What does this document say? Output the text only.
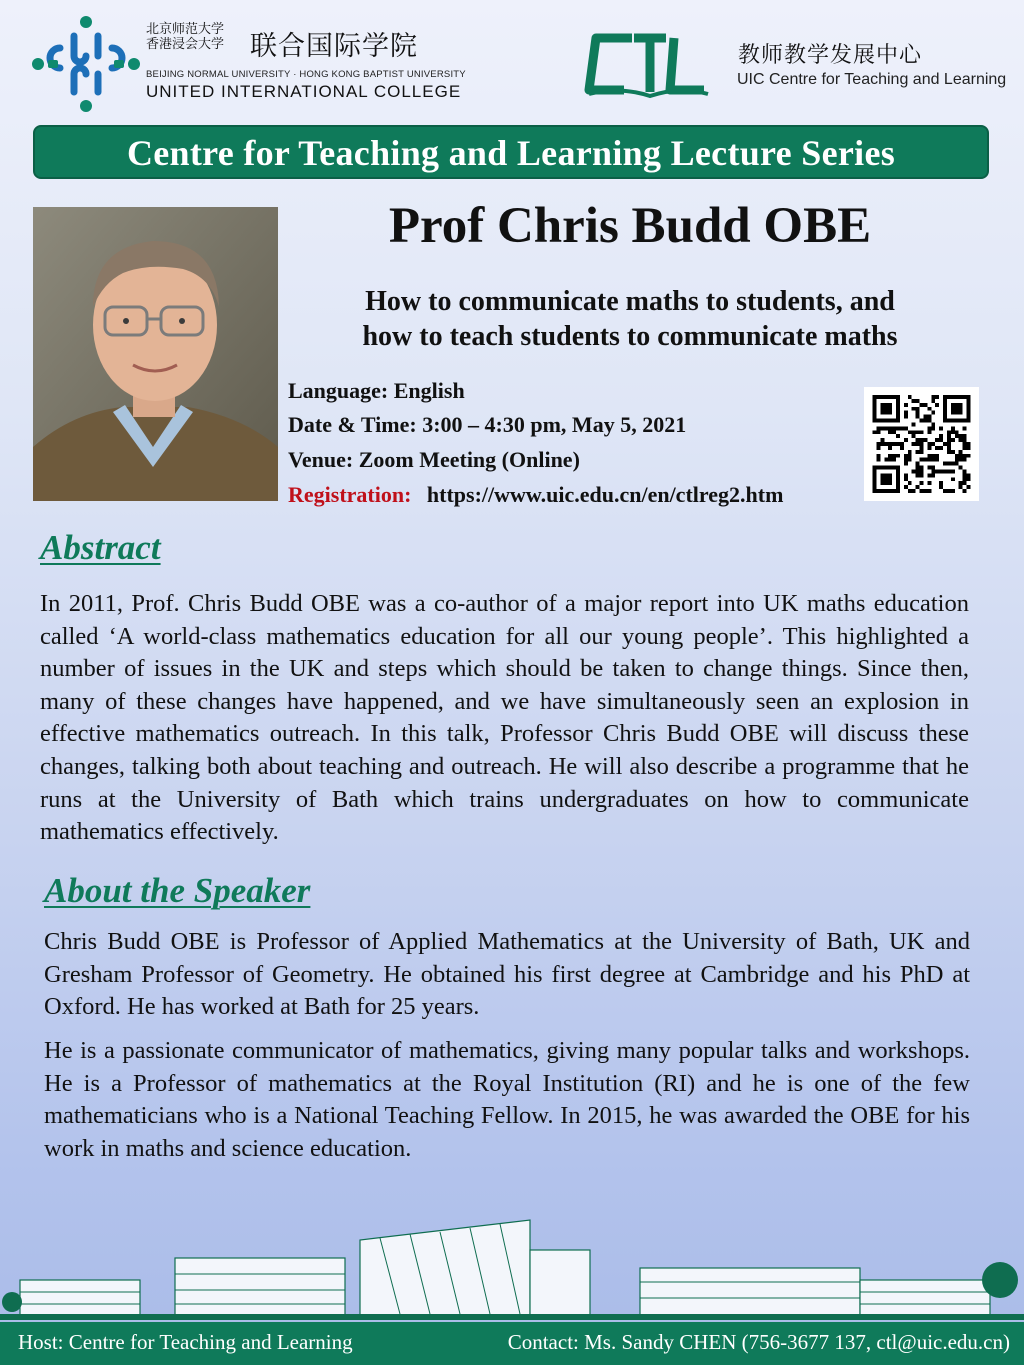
北京师范大学
香港浸会大学 联合国际学院
BEIJING NORMAL UNIVERSITY · HONG KONG BAPTIST UNIVERSITY
UNITED INTERNATIONAL COLLEGE
教师教学发展中心
UIC Centre for Teaching and Learning
Centre for Teaching and Learning Lecture Series
Prof Chris Budd OBE
How to communicate maths to students, and
how to teach students to communicate maths
Language: English
Date & Time: 3:00 – 4:30 pm, May 5, 2021
Venue: Zoom Meeting (Online)
Registration: https://www.uic.edu.cn/en/ctlreg2.htm
Abstract
In 2011, Prof. Chris Budd OBE was a co-author of a major report into UK maths education called ‘A world-class mathematics education for all our young people’. This highlighted a number of issues in the UK and steps which should be taken to change things. Since then, many of these changes have happened, and we have simultaneously seen an explosion in effective mathematics outreach. In this talk, Professor Chris Budd OBE will discuss these changes, talking both about teaching and outreach. He will also describe a programme that he runs at the University of Bath which trains undergraduates on how to communicate mathematics effectively.
About the Speaker
Chris Budd OBE is Professor of Applied Mathematics at the University of Bath, UK and Gresham Professor of Geometry. He obtained his first degree at Cambridge and his PhD at Oxford. He has worked at Bath for 25 years.
He is a passionate communicator of mathematics, giving many popular talks and workshops. He is a Professor of mathematics at the Royal Institution (RI) and he is one of the few mathematicians who is a National Teaching Fellow. In 2015, he was awarded the OBE for his work in maths and science education.
Host: Centre for Teaching and Learning	Contact: Ms. Sandy CHEN (756-3677 137, ctl@uic.edu.cn)
